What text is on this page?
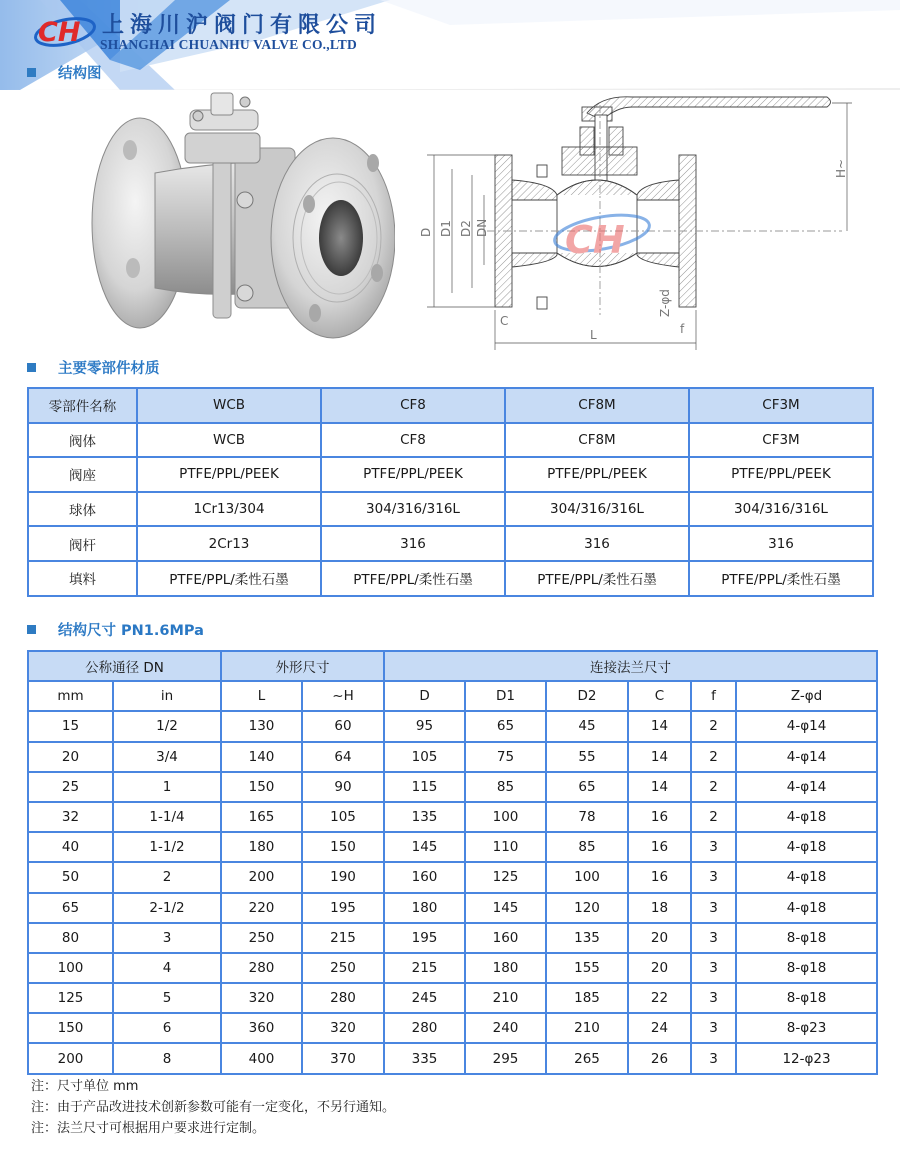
CH 上海川沪阀门有限公司
SHANGHAI CHUANHU VALVE CO.,LTD
结构图
D D1 D2 DN
H~
L
C
Z-φd
f
CH
主要零部件材质
零部件名称	WCB	CF8	CF8M	CF3M
阀体	WCB	CF8	CF8M	CF3M
阀座	PTFE/PPL/PEEK	PTFE/PPL/PEEK	PTFE/PPL/PEEK	PTFE/PPL/PEEK
球体	1Cr13/304	304/316/316L	304/316/316L	304/316/316L
阀杆	2Cr13	316	316	316
填料	PTFE/PPL/柔性石墨	PTFE/PPL/柔性石墨	PTFE/PPL/柔性石墨	PTFE/PPL/柔性石墨
结构尺寸 PN1.6MPa
公称通径 DN		外形尺寸		连接法兰尺寸					
mm	in	L	~H	D	D1	D2	C	f	Z-φd
15	1/2	130	60	95	65	45	14	2	4-φ14
20	3/4	140	64	105	75	55	14	2	4-φ14
25	1	150	90	115	85	65	14	2	4-φ14
32	1-1/4	165	105	135	100	78	16	2	4-φ18
40	1-1/2	180	150	145	110	85	16	3	4-φ18
50	2	200	190	160	125	100	16	3	4-φ18
65	2-1/2	220	195	180	145	120	18	3	4-φ18
80	3	250	215	195	160	135	20	3	8-φ18
100	4	280	250	215	180	155	20	3	8-φ18
125	5	320	280	245	210	185	22	3	8-φ18
150	6	360	320	280	240	210	24	3	8-φ23
200	8	400	370	335	295	265	26	3	12-φ23
注：尺寸单位 mm
注：由于产品改进技术创新参数可能有一定变化，不另行通知。
注：法兰尺寸可根据用户要求进行定制。
